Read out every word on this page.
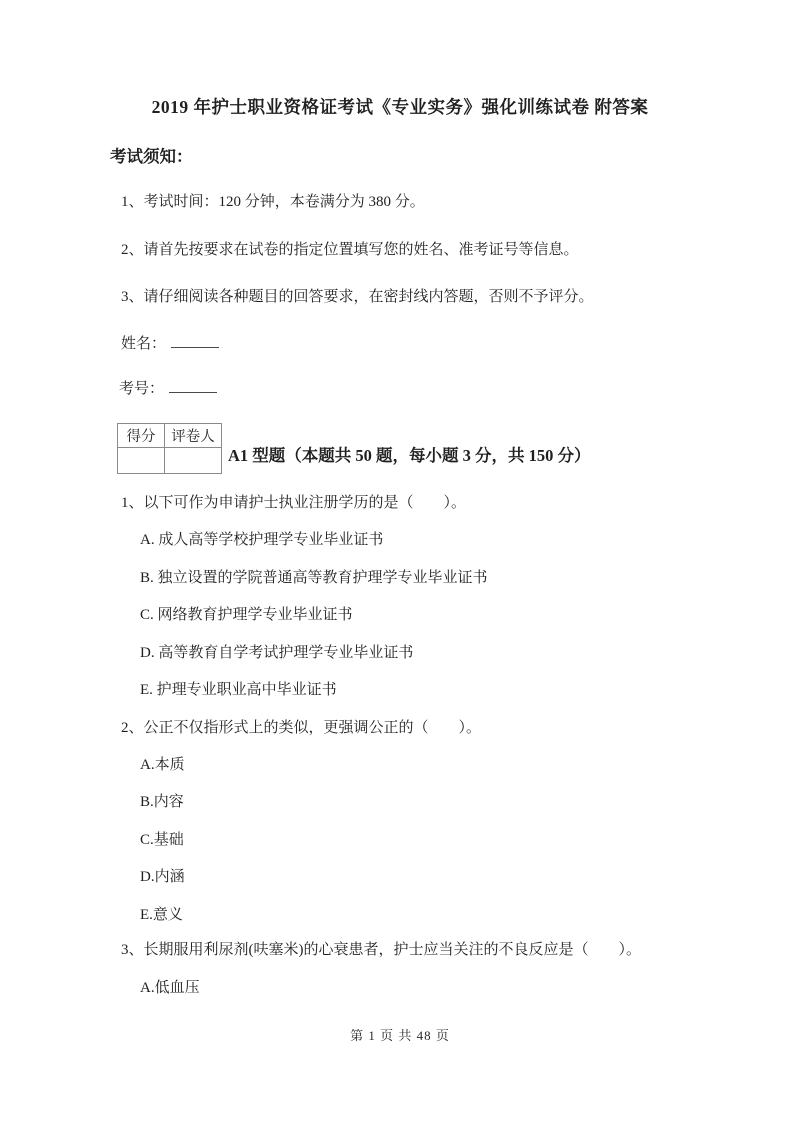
2019 年护士职业资格证考试《专业实务》强化训练试卷 附答案
考试须知：
1、考试时间：120 分钟，本卷满分为 380 分。
2、请首先按要求在试卷的指定位置填写您的姓名、准考证号等信息。
3、请仔细阅读各种题目的回答要求，在密封线内答题，否则不予评分。
姓名：
考号：
得分	评卷人

A1 型题（本题共 50 题，每小题 3 分，共 150 分）
1、以下可作为申请护士执业注册学历的是（　　）。
A. 成人高等学校护理学专业毕业证书
B. 独立设置的学院普通高等教育护理学专业毕业证书
C. 网络教育护理学专业毕业证书
D. 高等教育自学考试护理学专业毕业证书
E. 护理专业职业高中毕业证书
2、公正不仅指形式上的类似，更强调公正的（　　）。
A.本质
B.内容
C.基础
D.内涵
E.意义
3、长期服用利尿剂(呋塞米)的心衰患者，护士应当关注的不良反应是（　　）。
A.低血压
第 1 页 共 48 页
